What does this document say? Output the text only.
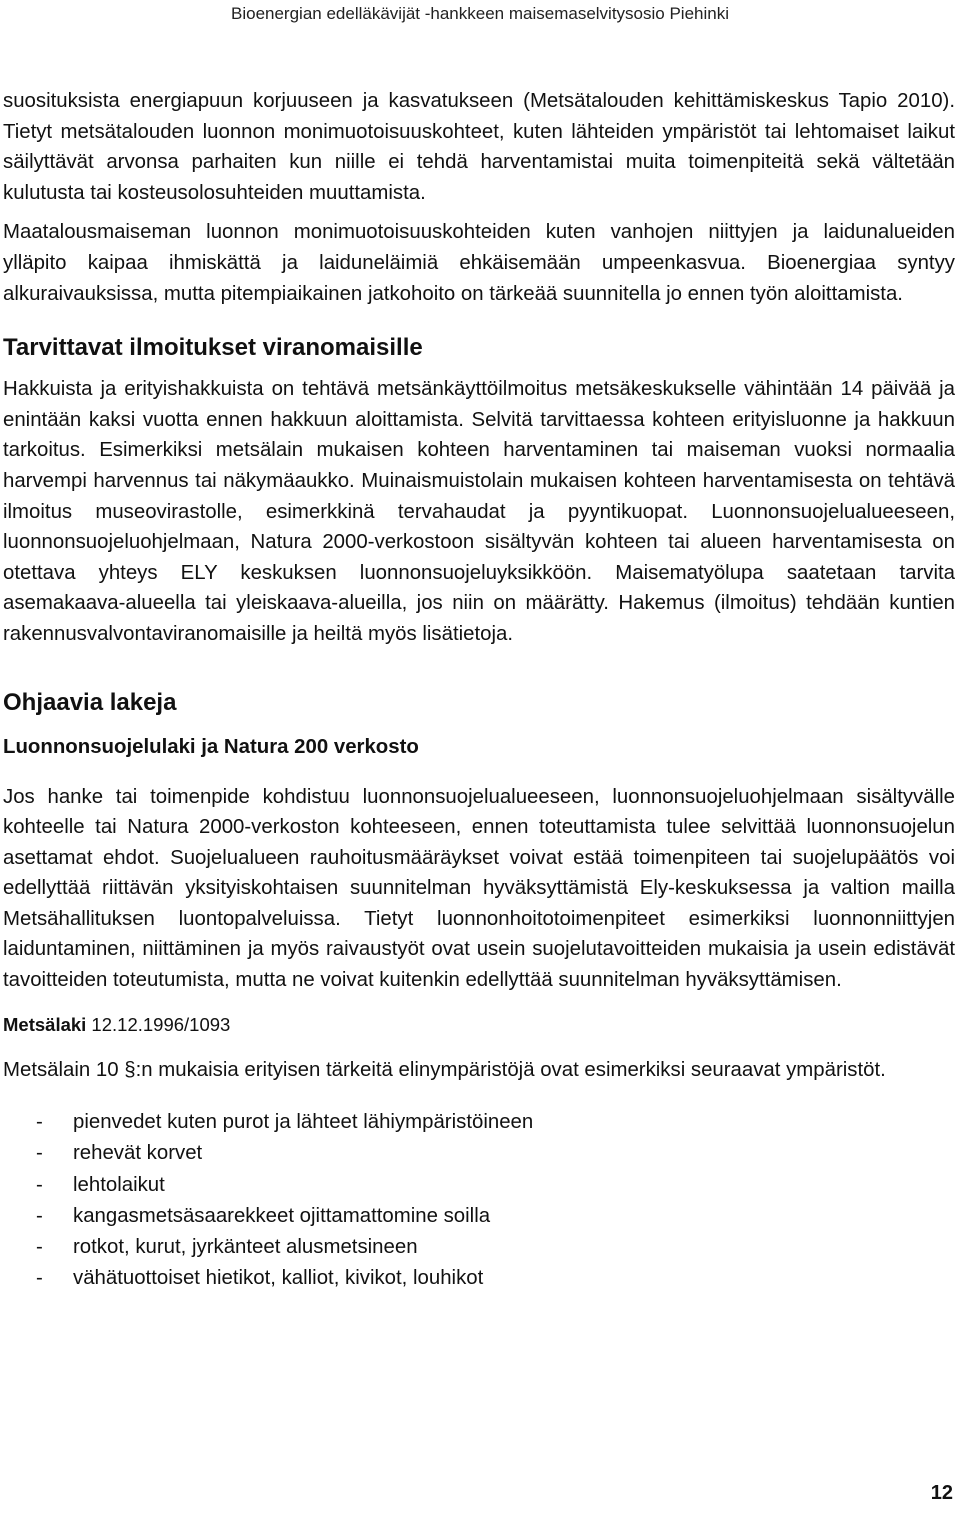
Bioenergian edelläkävijät -hankkeen maisemaselvitysosio Piehinki

suosituksista energiapuun korjuuseen ja kasvatukseen (Metsätalouden kehittämiskeskus Tapio 2010). Tietyt metsätalouden luonnon monimuotoisuuskohteet, kuten lähteiden ympäristöt tai lehtomaiset laikut säilyttävät arvonsa parhaiten kun niille ei tehdä harventamistai muita toimenpiteitä sekä vältetään kulutusta tai kosteusolosuhteiden muuttamista.

Maatalousmaiseman luonnon monimuotoisuuskohteiden kuten vanhojen niittyjen ja laidunalueiden ylläpito kaipaa ihmiskättä ja laiduneläimiä ehkäisemään umpeenkasvua. Bioenergiaa syntyy alkuraivauksissa, mutta pitempiaikainen jatkohoito on tärkeää suunnitella jo ennen työn aloittamista.

Tarvittavat ilmoitukset viranomaisille

Hakkuista ja erityishakkuista on tehtävä metsänkäyttöilmoitus metsäkeskukselle vähintään 14 päivää ja enintään kaksi vuotta ennen hakkuun aloittamista. Selvitä tarvittaessa kohteen erityisluonne ja hakkuun tarkoitus. Esimerkiksi metsälain mukaisen kohteen harventaminen tai maiseman vuoksi normaalia harvempi harvennus tai näkymäaukko. Muinaismuistolain mukaisen kohteen harventamisesta on tehtävä ilmoitus museovirastolle, esimerkkinä tervahaudat ja pyyntikuopat. Luonnonsuojelualueeseen, luonnonsuojeluohjelmaan, Natura 2000-verkostoon sisältyvän kohteen tai alueen harventamisesta on otettava yhteys ELY keskuksen luonnonsuojeluyksikköön. Maisematyölupa saatetaan tarvita asemakaava-alueella tai yleiskaava-alueilla, jos niin on määrätty. Hakemus (ilmoitus) tehdään kuntien rakennusvalvontaviranomaisille ja heiltä myös lisätietoja.

Ohjaavia lakeja
Luonnonsuojelulaki ja Natura 200 verkosto

Jos hanke tai toimenpide kohdistuu luonnonsuojelualueeseen, luonnonsuojeluohjelmaan sisältyvälle kohteelle tai Natura 2000-verkoston kohteeseen, ennen toteuttamista tulee selvittää luonnonsuojelun asettamat ehdot. Suojelualueen rauhoitusmääräykset voivat estää toimenpiteen tai suojelupäätös voi edellyttää riittävän yksityiskohtaisen suunnitelman hyväksyttämistä Ely-keskuksessa ja valtion mailla Metsähallituksen luontopalveluissa. Tietyt luonnonhoitotoimenpiteet esimerkiksi luonnonniittyjen laiduntaminen, niittäminen ja myös raivaustyöt ovat usein suojelutavoitteiden mukaisia ja usein edistävät tavoitteiden toteutumista, mutta ne voivat kuitenkin edellyttää suunnitelman hyväksyttämisen.

Metsälaki 12.12.1996/1093

Metsälain 10 §:n mukaisia erityisen tärkeitä elinympäristöjä ovat esimerkiksi seuraavat ympäristöt.

- pienvedet kuten purot ja lähteet lähiympäristöineen
- rehevät korvet
- lehtolaikut
- kangasmetsäsaarekkeet ojittamattomine soilla
- rotkot, kurut, jyrkänteet alusmetsineen
- vähätuottoiset hietikot, kalliot, kivikot, louhikot
12
